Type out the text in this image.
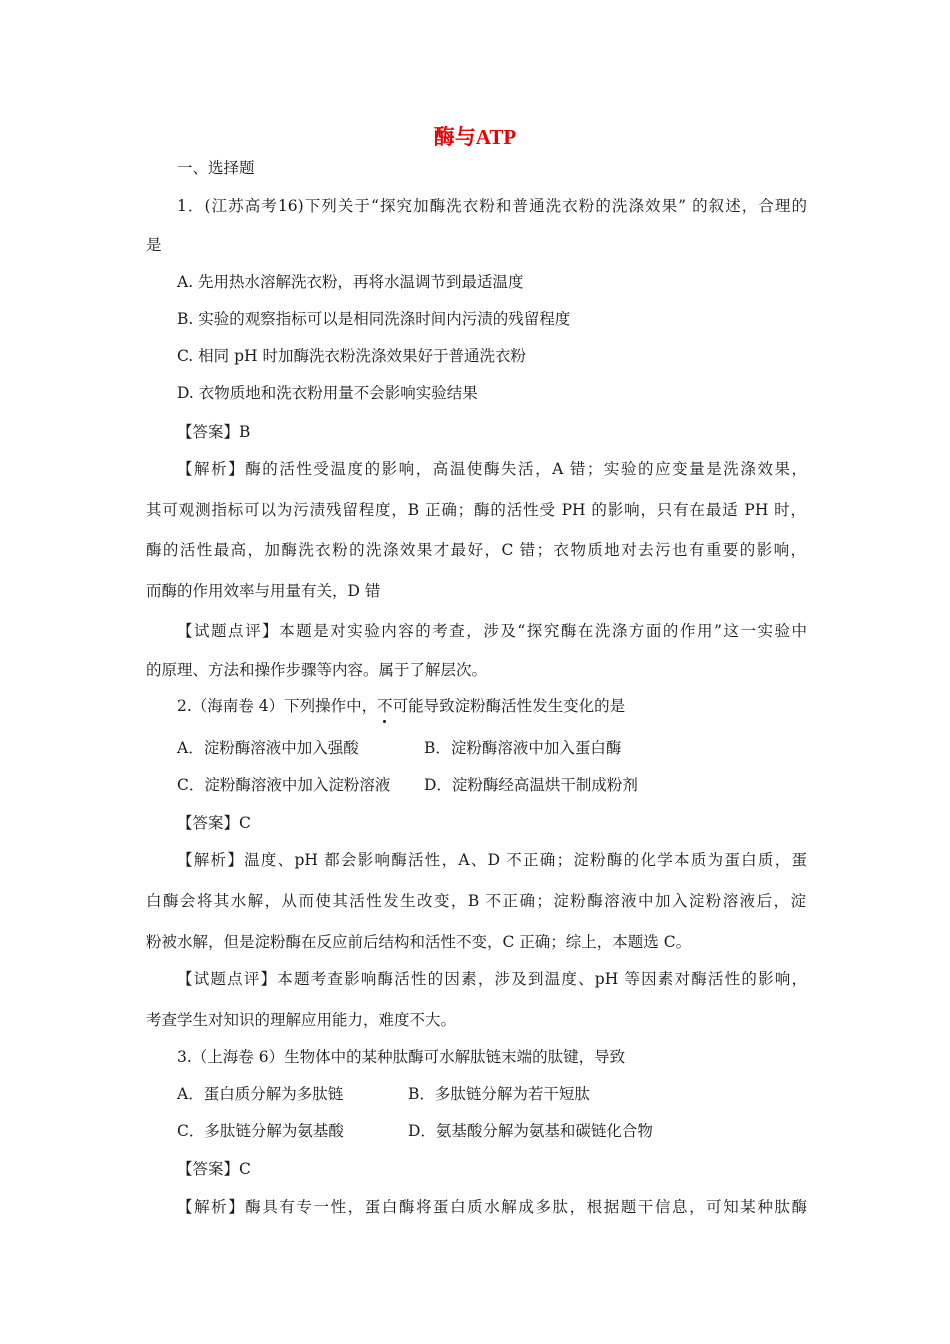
酶与ATP
一、选择题
1．(江苏高考16)下列关于“探究加酶洗衣粉和普通洗衣粉的洗涤效果” 的叙述，合理的
是
A. 先用热水溶解洗衣粉，再将水温调节到最适温度
B. 实验的观察指标可以是相同洗涤时间内污渍的残留程度
C. 相同 pH 时加酶洗衣粉洗涤效果好于普通洗衣粉
D. 衣物质地和洗衣粉用量不会影响实验结果
【答案】B
【解析】酶的活性受温度的影响，高温使酶失活，A 错；实验的应变量是洗涤效果，
其可观测指标可以为污渍残留程度，B 正确；酶的活性受 PH 的影响，只有在最适 PH 时，
酶的活性最高，加酶洗衣粉的洗涤效果才最好，C 错；衣物质地对去污也有重要的影响，
而酶的作用效率与用量有关，D 错
【试题点评】本题是对实验内容的考查，涉及“探究酶在洗涤方面的作用”这一实验中
的原理、方法和操作步骤等内容。属于了解层次。
2.（海南卷 4）下列操作中，不可能导致淀粉酶活性发生变化的是
A．淀粉酶溶液中加入强酸	B．淀粉酶溶液中加入蛋白酶
C．淀粉酶溶液中加入淀粉溶液 D．淀粉酶经高温烘干制成粉剂
【答案】C
【解析】温度、pH 都会影响酶活性，A、D 不正确；淀粉酶的化学本质为蛋白质，蛋
白酶会将其水解，从而使其活性发生改变，B 不正确；淀粉酶溶液中加入淀粉溶液后，淀
粉被水解，但是淀粉酶在反应前后结构和活性不变，C 正确；综上，本题选 C。
【试题点评】本题考查影响酶活性的因素，涉及到温度、pH 等因素对酶活性的影响，
考查学生对知识的理解应用能力，难度不大。
3.（上海卷 6）生物体中的某种肽酶可水解肽链末端的肽键，导致
A．蛋白质分解为多肽链	B．多肽链分解为若干短肽
C．多肽链分解为氨基酸	D．氨基酸分解为氨基和碳链化合物
【答案】C
【解析】酶具有专一性，蛋白酶将蛋白质水解成多肽，根据题干信息，可知某种肽酶
